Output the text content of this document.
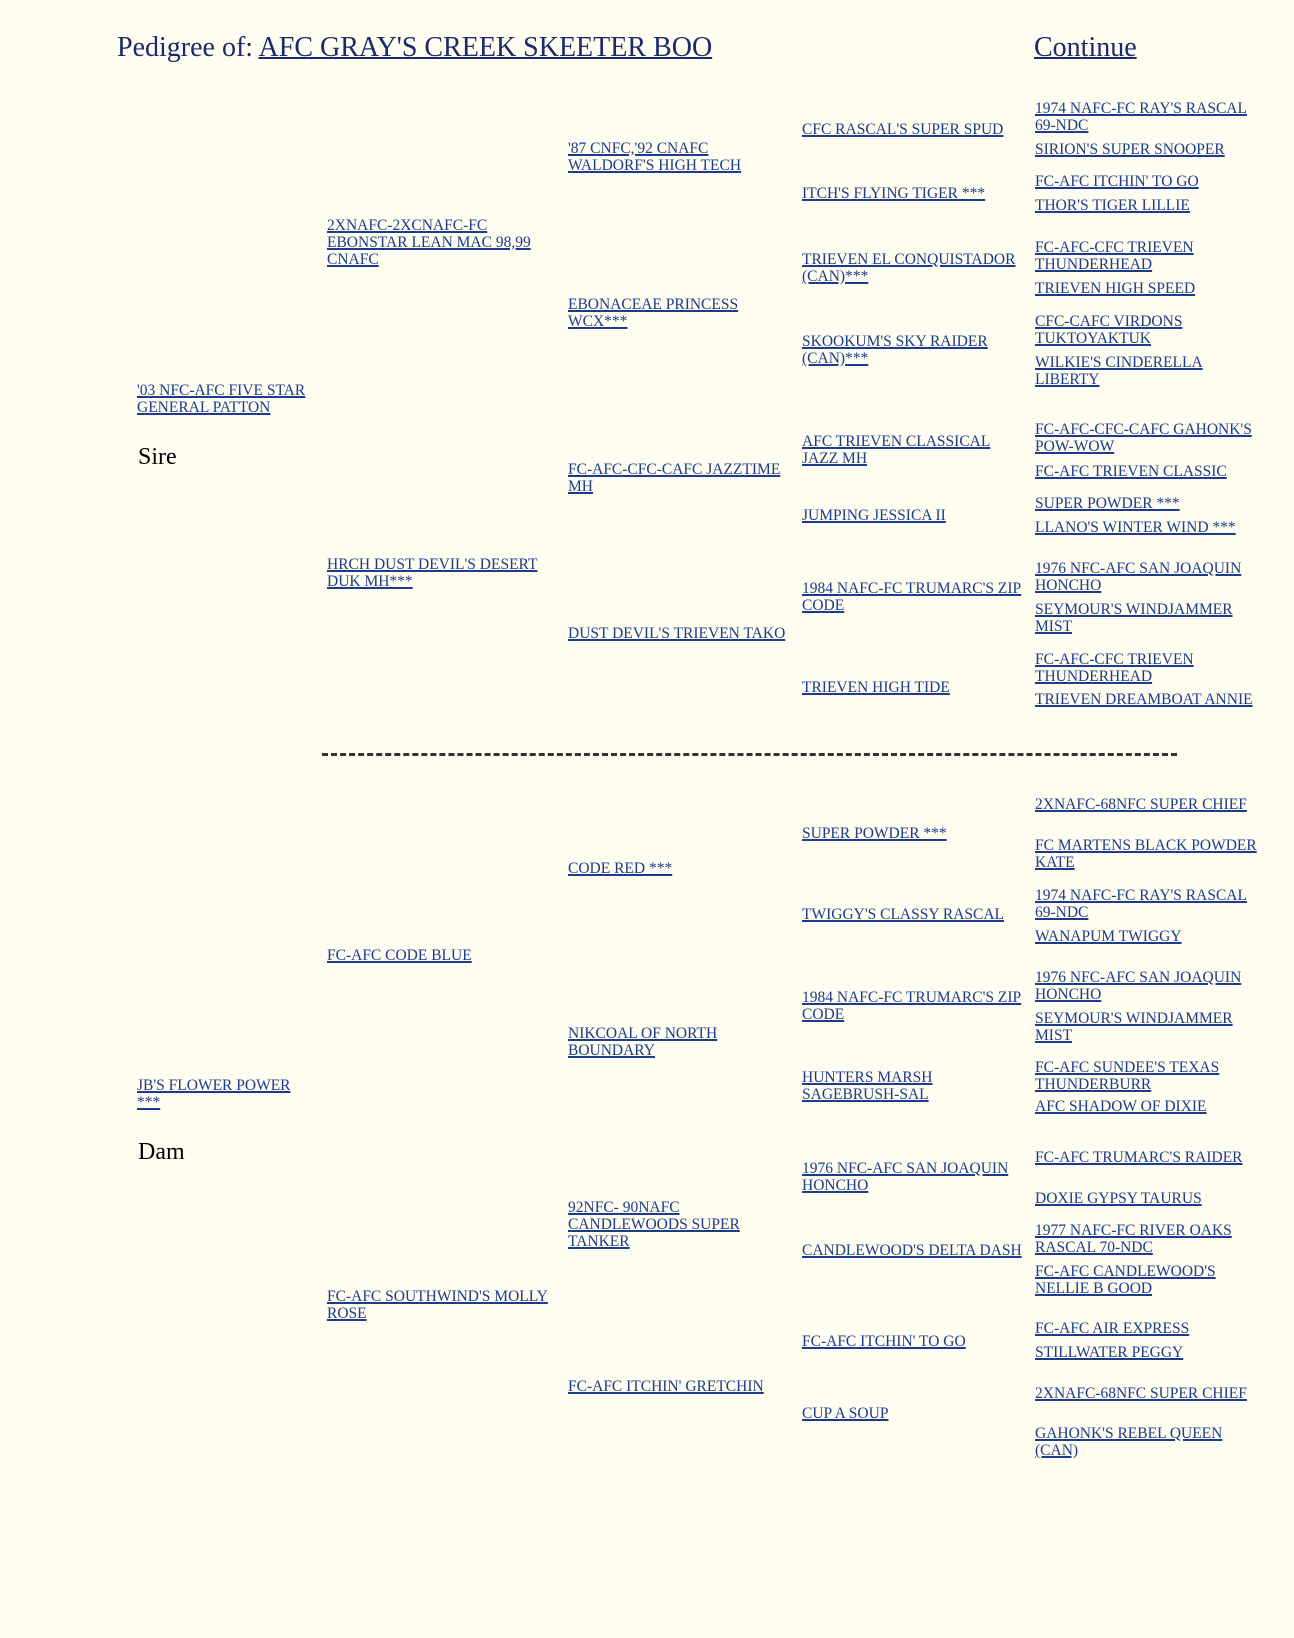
Pedigree of: AFC GRAY'S CREEK SKEETER BOO	Continue
'03 NFC-AFC FIVE STAR GENERAL PATTON
Sire
2XNAFC-2XCNAFC-FC EBONSTAR LEAN MAC 98,99 CNAFC
HRCH DUST DEVIL'S DESERT DUK MH***
'87 CNFC,'92 CNAFC WALDORF'S HIGH TECH
EBONACEAE PRINCESS WCX***
FC-AFC-CFC-CAFC JAZZTIME MH
DUST DEVIL'S TRIEVEN TAKO
CFC RASCAL'S SUPER SPUD
ITCH'S FLYING TIGER ***
TRIEVEN EL CONQUISTADOR (CAN)***
SKOOKUM'S SKY RAIDER (CAN)***
AFC TRIEVEN CLASSICAL JAZZ MH
JUMPING JESSICA II
1984 NAFC-FC TRUMARC'S ZIP CODE
TRIEVEN HIGH TIDE
1974 NAFC-FC RAY'S RASCAL 69-NDC
SIRION'S SUPER SNOOPER
FC-AFC ITCHIN' TO GO
THOR'S TIGER LILLIE
FC-AFC-CFC TRIEVEN THUNDERHEAD
TRIEVEN HIGH SPEED
CFC-CAFC VIRDONS TUKTOYAKTUK
WILKIE'S CINDERELLA LIBERTY
FC-AFC-CFC-CAFC GAHONK'S POW-WOW
FC-AFC TRIEVEN CLASSIC
SUPER POWDER ***
LLANO'S WINTER WIND ***
1976 NFC-AFC SAN JOAQUIN HONCHO
SEYMOUR'S WINDJAMMER MIST
FC-AFC-CFC TRIEVEN THUNDERHEAD
TRIEVEN DREAMBOAT ANNIE
JB'S FLOWER POWER ***
Dam
FC-AFC CODE BLUE
FC-AFC SOUTHWIND'S MOLLY ROSE
CODE RED ***
NIKCOAL OF NORTH BOUNDARY
92NFC- 90NAFC CANDLEWOODS SUPER TANKER
FC-AFC ITCHIN' GRETCHIN
SUPER POWDER ***
TWIGGY'S CLASSY RASCAL
1984 NAFC-FC TRUMARC'S ZIP CODE
HUNTERS MARSH SAGEBRUSH-SAL
1976 NFC-AFC SAN JOAQUIN HONCHO
CANDLEWOOD'S DELTA DASH
FC-AFC ITCHIN' TO GO
CUP A SOUP
2XNAFC-68NFC SUPER CHIEF
FC MARTENS BLACK POWDER KATE
1974 NAFC-FC RAY'S RASCAL 69-NDC
WANAPUM TWIGGY
1976 NFC-AFC SAN JOAQUIN HONCHO
SEYMOUR'S WINDJAMMER MIST
FC-AFC SUNDEE'S TEXAS THUNDERBURR
AFC SHADOW OF DIXIE
FC-AFC TRUMARC'S RAIDER
DOXIE GYPSY TAURUS
1977 NAFC-FC RIVER OAKS RASCAL 70-NDC
FC-AFC CANDLEWOOD'S NELLIE B GOOD
FC-AFC AIR EXPRESS
STILLWATER PEGGY
2XNAFC-68NFC SUPER CHIEF
GAHONK'S REBEL QUEEN (CAN)
